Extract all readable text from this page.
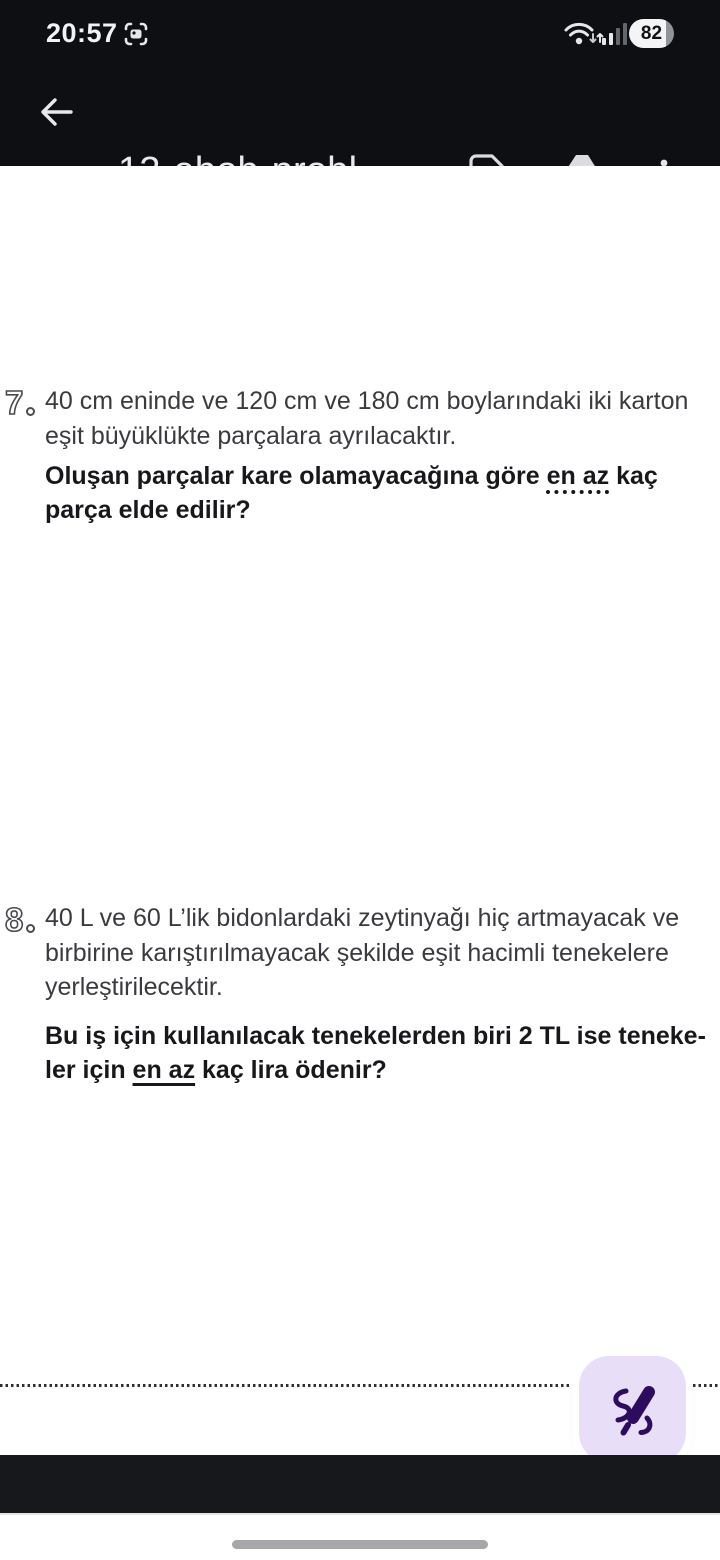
20:57	82
7 40 cm eninde ve 120 cm ve 180 cm boylarındaki iki karton
eşit büyüklükte parçalara ayrılacaktır.

Oluşan parçalar kare olamayacağına göre en az kaç
parça elde edilir?

8 40 L ve 60 L’lik bidonlardaki zeytinyağı hiç artmayacak ve
birbirine karıştırılmayacak şekilde eşit hacimli tenekelere
yerleştirilecektir.

Bu iş için kullanılacak tenekelerden biri 2 TL ise teneke-
ler için en az kaç lira ödenir?
